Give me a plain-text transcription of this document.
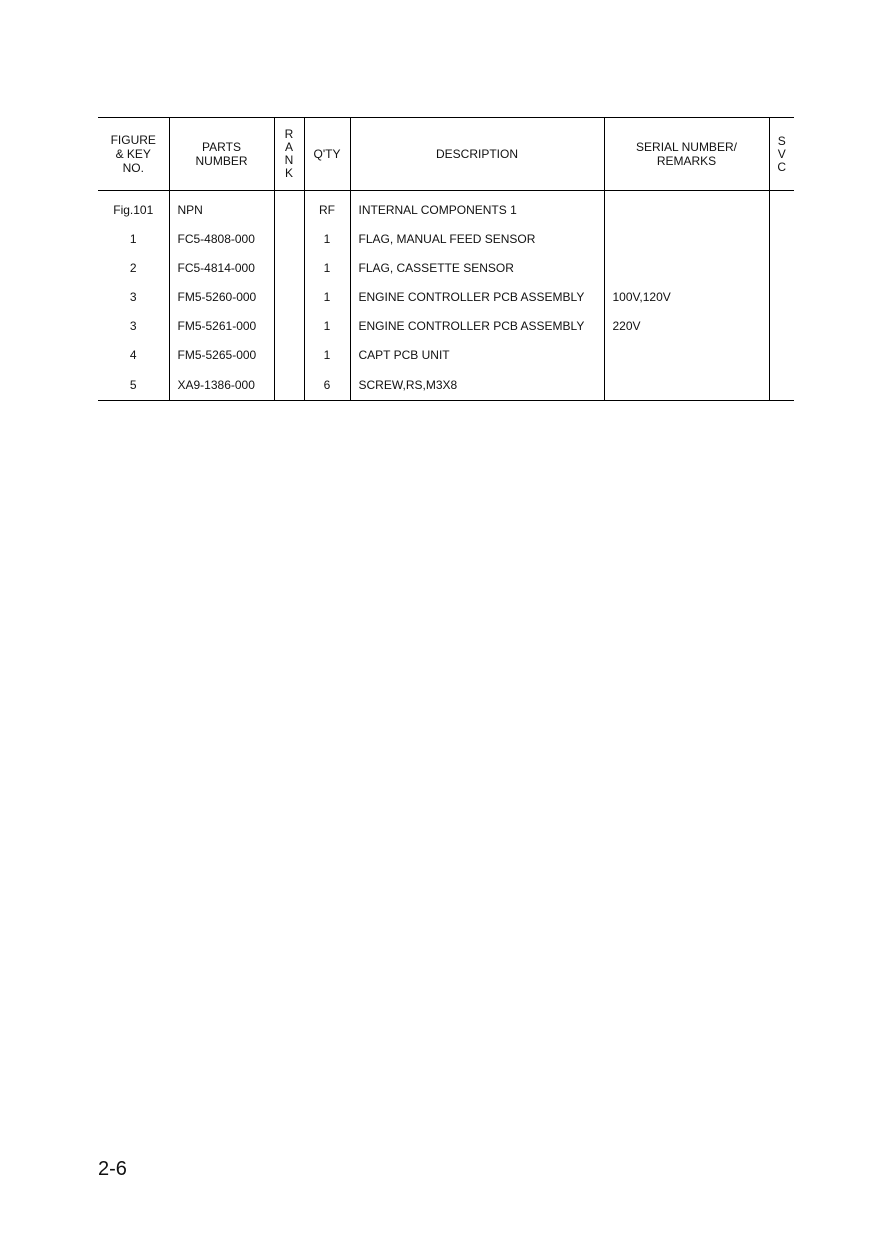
FIGURE
& KEY
NO.	PARTS
NUMBER	R
A
N
K	Q'TY	DESCRIPTION	SERIAL NUMBER/
REMARKS	S
V
C

Fig.101	NPN		RF	INTERNAL COMPONENTS 1		
1	FC5-4808-000		1	FLAG, MANUAL FEED SENSOR		
2	FC5-4814-000		1	FLAG, CASSETTE SENSOR		
3	FM5-5260-000		1	ENGINE CONTROLLER PCB ASSEMBLY	100V,120V	
3	FM5-5261-000		1	ENGINE CONTROLLER PCB ASSEMBLY	220V	
4	FM5-5265-000		1	CAPT PCB UNIT		
5	XA9-1386-000		6	SCREW,RS,M3X8		
2-6
